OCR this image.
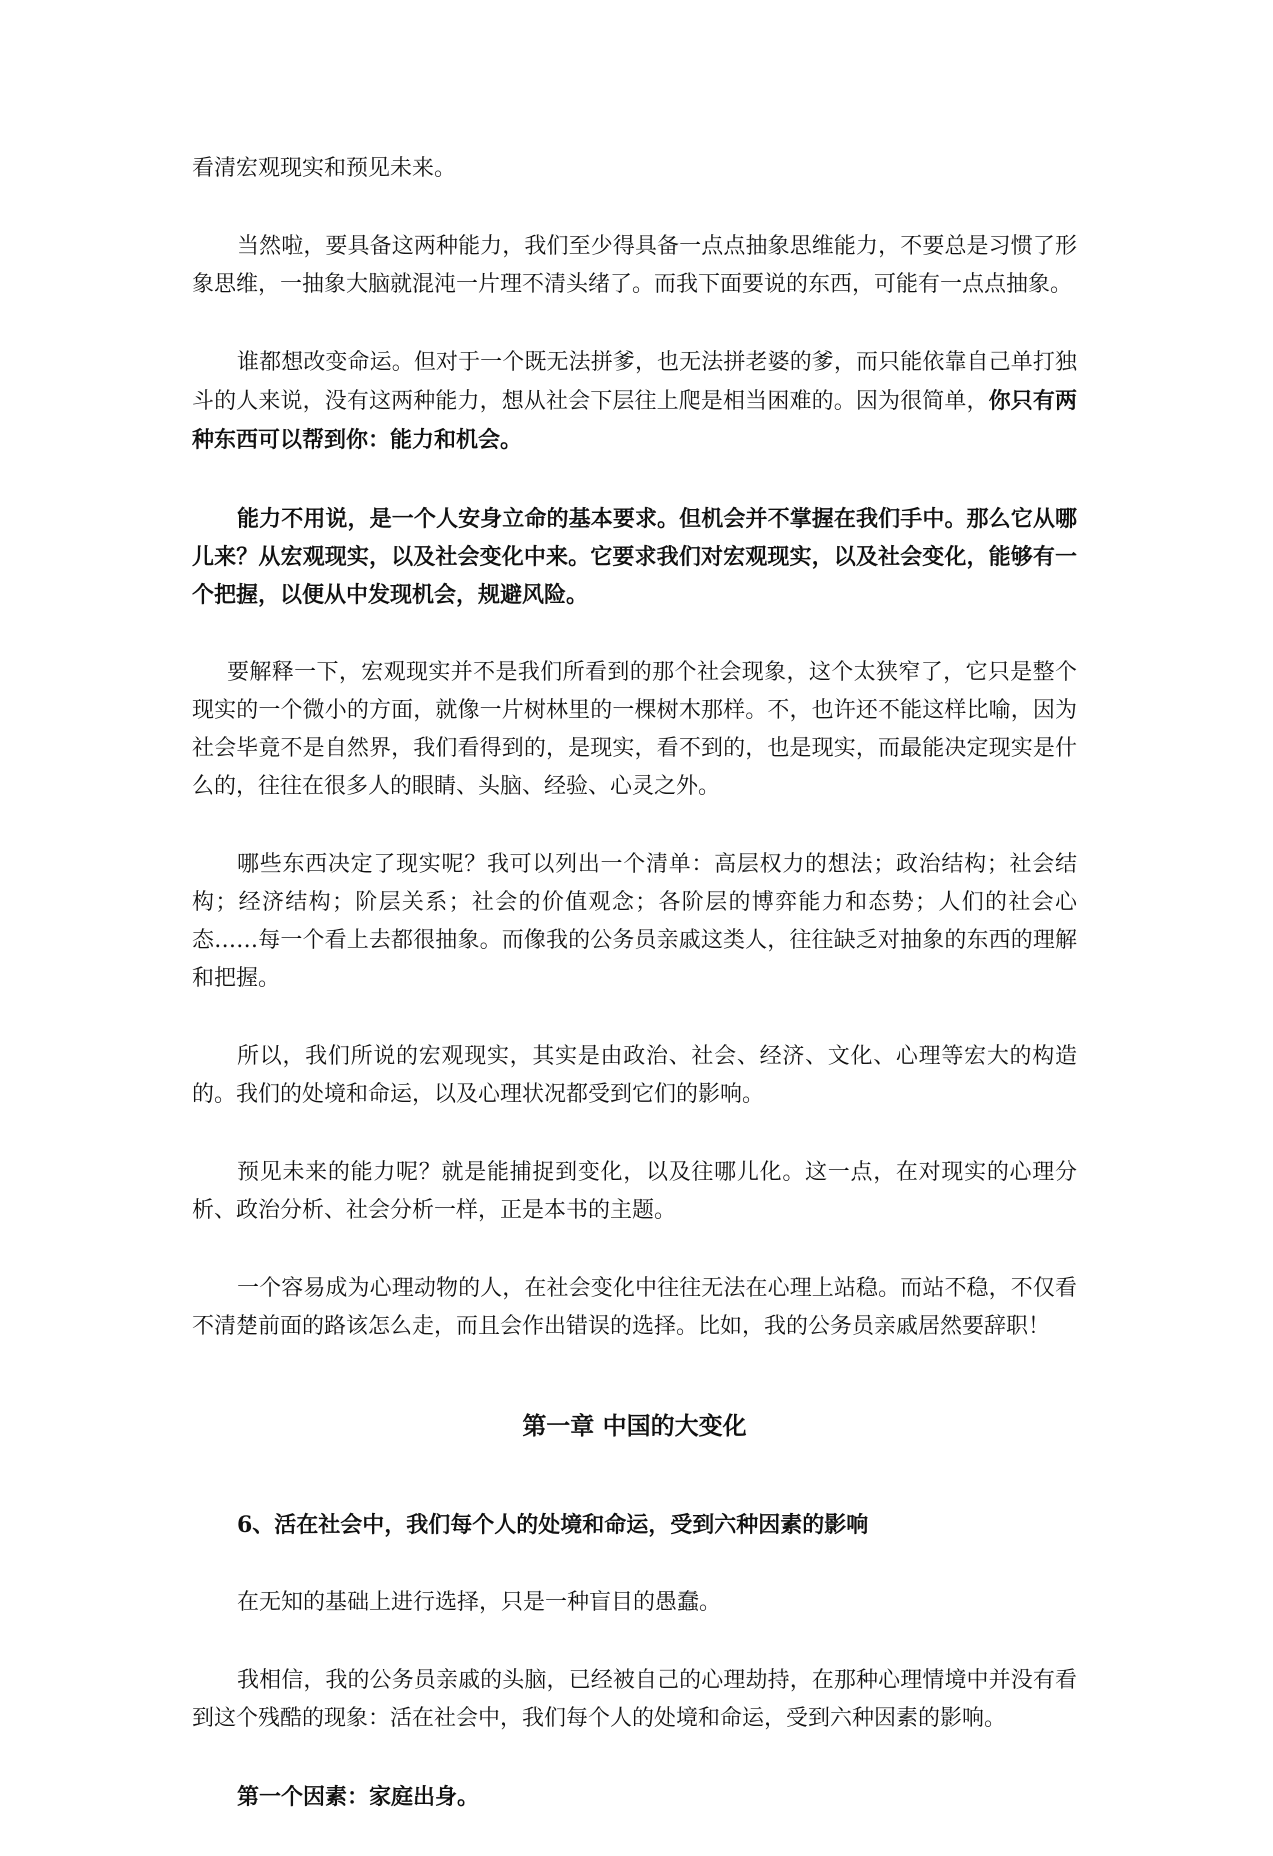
看清宏观现实和预见未来。

当然啦，要具备这两种能力，我们至少得具备一点点抽象思维能力，不要总是习惯了形象思维，一抽象大脑就混沌一片理不清头绪了。而我下面要说的东西，可能有一点点抽象。

谁都想改变命运。但对于一个既无法拼爹，也无法拼老婆的爹，而只能依靠自己单打独斗的人来说，没有这两种能力，想从社会下层往上爬是相当困难的。因为很简单，你只有两种东西可以帮到你：能力和机会。

能力不用说，是一个人安身立命的基本要求。但机会并不掌握在我们手中。那么它从哪儿来？从宏观现实，以及社会变化中来。它要求我们对宏观现实，以及社会变化，能够有一个把握，以便从中发现机会，规避风险。

要解释一下，宏观现实并不是我们所看到的那个社会现象，这个太狭窄了，它只是整个现实的一个微小的方面，就像一片树林里的一棵树木那样。不，也许还不能这样比喻，因为社会毕竟不是自然界，我们看得到的，是现实，看不到的，也是现实，而最能决定现实是什么的，往往在很多人的眼睛、头脑、经验、心灵之外。

哪些东西决定了现实呢？我可以列出一个清单：高层权力的想法；政治结构；社会结构；经济结构；阶层关系；社会的价值观念；各阶层的博弈能力和态势；人们的社会心态……每一个看上去都很抽象。而像我的公务员亲戚这类人，往往缺乏对抽象的东西的理解和把握。

所以，我们所说的宏观现实，其实是由政治、社会、经济、文化、心理等宏大的构造的。我们的处境和命运，以及心理状况都受到它们的影响。

预见未来的能力呢？就是能捕捉到变化，以及往哪儿化。这一点，在对现实的心理分析、政治分析、社会分析一样，正是本书的主题。

一个容易成为心理动物的人，在社会变化中往往无法在心理上站稳。而站不稳，不仅看不清楚前面的路该怎么走，而且会作出错误的选择。比如，我的公务员亲戚居然要辞职！

第一章 中国的大变化
6、活在社会中，我们每个人的处境和命运，受到六种因素的影响

在无知的基础上进行选择，只是一种盲目的愚蠢。

我相信，我的公务员亲戚的头脑，已经被自己的心理劫持，在那种心理情境中并没有看到这个残酷的现象：活在社会中，我们每个人的处境和命运，受到六种因素的影响。

第一个因素：家庭出身。
